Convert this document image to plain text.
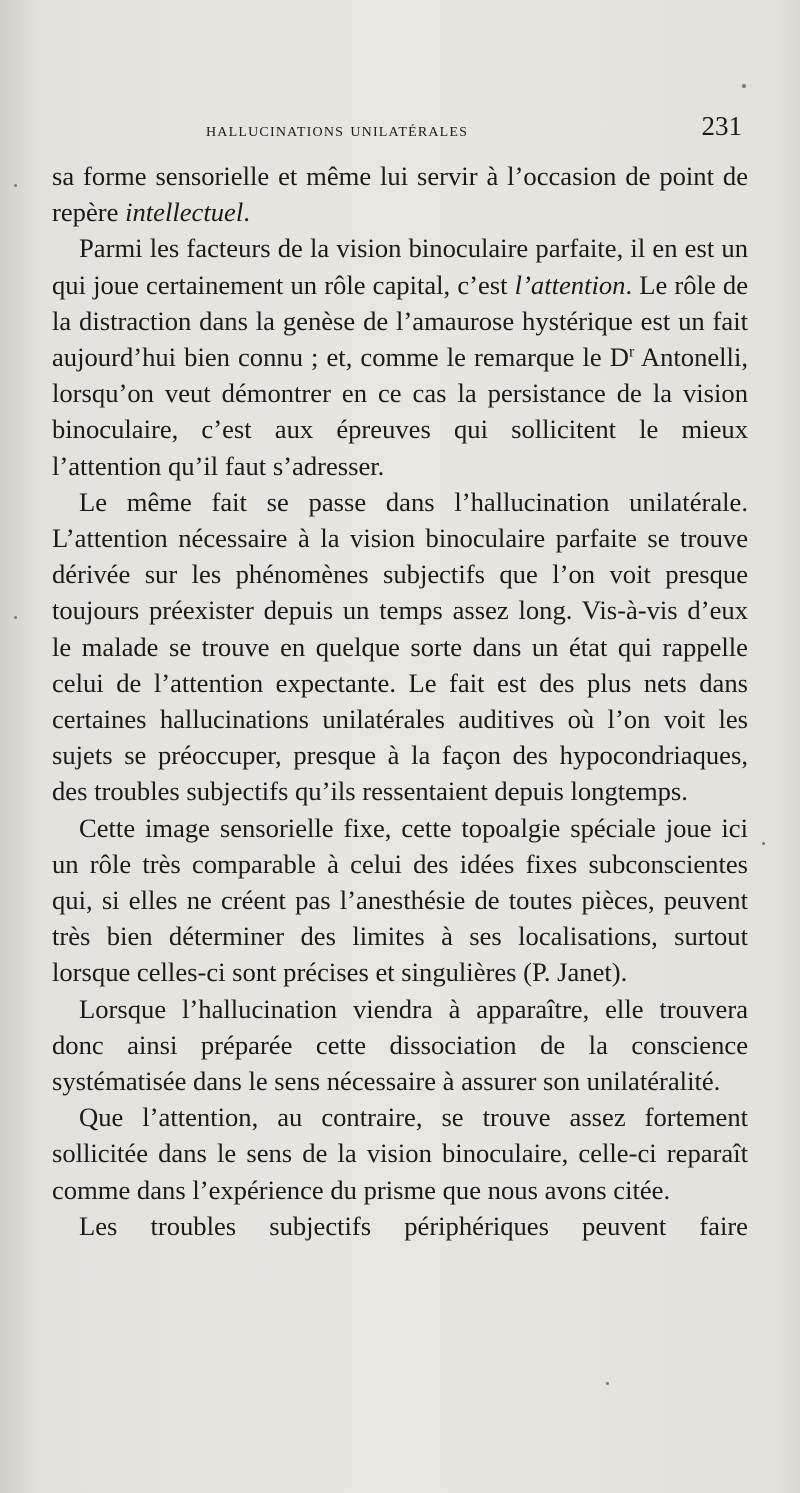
hallucinations unilatérales	231

sa forme sensorielle et même lui servir à l’occasion de point de repère intellectuel.

Parmi les facteurs de la vision binoculaire parfaite, il en est un qui joue certainement un rôle capital, c’est l’attention. Le rôle de la distraction dans la genèse de l’amaurose hystérique est un fait aujourd’hui bien connu ; et, comme le remarque le $D^r$ Antonelli, lorsqu’on veut démontrer en ce cas la persistance de la vision binoculaire, c’est aux épreuves qui sollicitent le mieux l’attention qu’il faut s’adresser.

Le même fait se passe dans l’hallucination unilatérale. L’attention nécessaire à la vision binoculaire parfaite se trouve dérivée sur les phénomènes subjectifs que l’on voit presque toujours préexister depuis un temps assez long. Vis-à-vis d’eux le malade se trouve en quelque sorte dans un état qui rappelle celui de l’attention expectante. Le fait est des plus nets dans certaines hallucinations unilatérales auditives où l’on voit les sujets se préoccuper, presque à la façon des hypocondriaques, des troubles subjectifs qu’ils ressentaient depuis longtemps.

Cette image sensorielle fixe, cette topoalgie spéciale joue ici un rôle très comparable à celui des idées fixes subconscientes qui, si elles ne créent pas l’anesthésie de toutes pièces, peuvent très bien déterminer des limites à ses localisations, surtout lorsque celles-ci sont précises et singulières (P. Janet).

Lorsque l’hallucination viendra à apparaître, elle trouvera donc ainsi préparée cette dissociation de la conscience systématisée dans le sens nécessaire à assurer son unilatéralité.

Que l’attention, au contraire, se trouve assez fortement sollicitée dans le sens de la vision binoculaire, celle-ci reparaît comme dans l’expérience du prisme que nous avons citée.

Les troubles subjectifs périphériques peuvent faire
